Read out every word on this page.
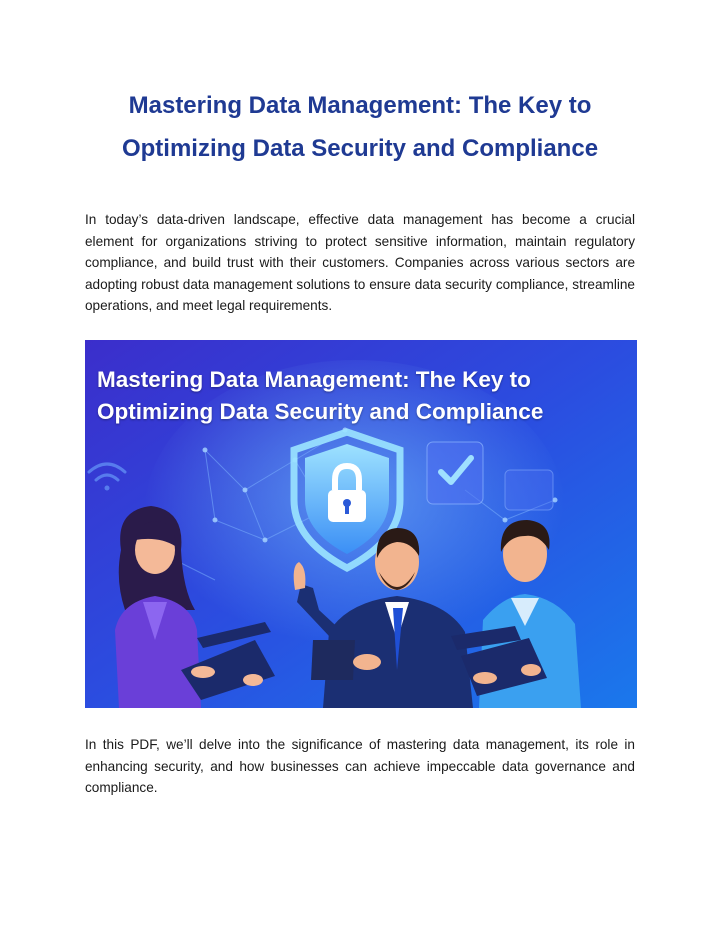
Mastering Data Management: The Key to
Optimizing Data Security and Compliance

In today’s data-driven landscape, effective data management has become a crucial element for organizations striving to protect sensitive information, maintain regulatory compliance, and build trust with their customers. Companies across various sectors are adopting robust data management solutions to ensure data security compliance, streamline operations, and meet legal requirements.

Mastering Data Management: The Key to
Optimizing Data Security and Compliance

In this PDF, we’ll delve into the significance of mastering data management, its role in enhancing security, and how businesses can achieve impeccable data governance and compliance.
